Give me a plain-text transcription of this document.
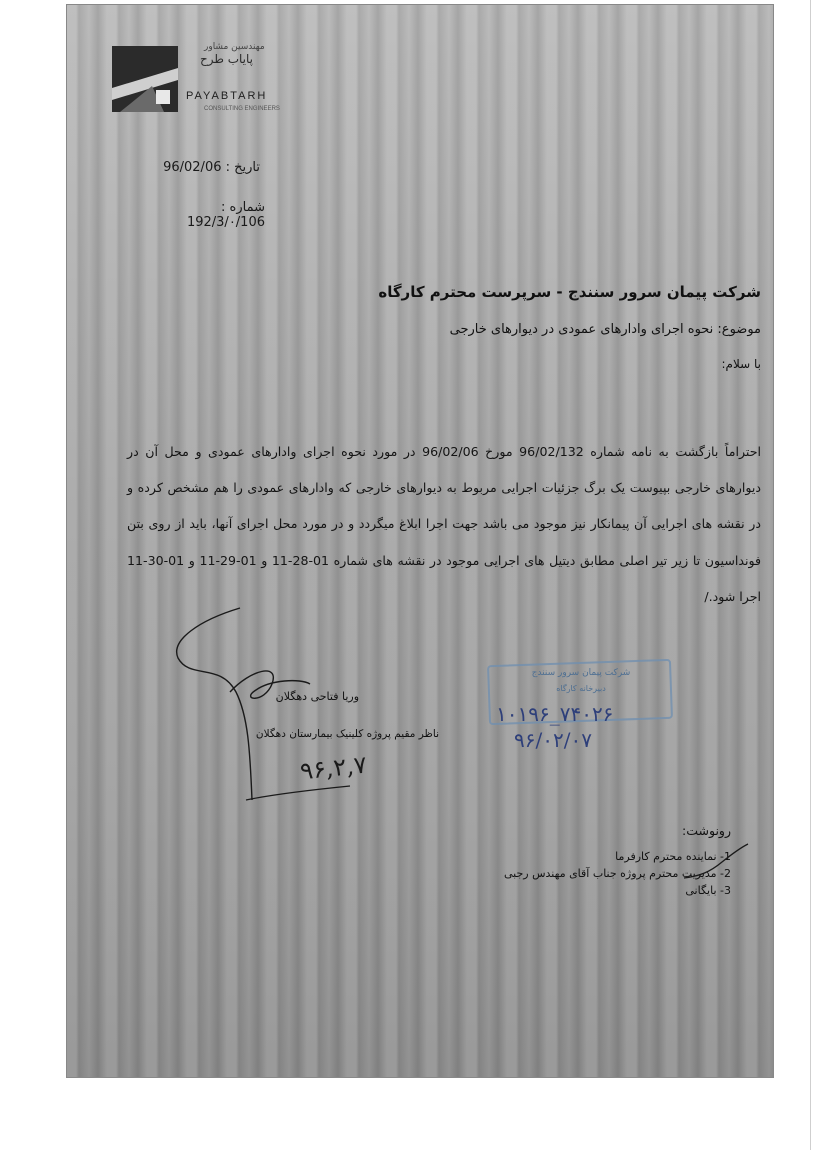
مهندسین مشاور
پایاب طرح
PAYABTARH
CONSULTING ENGINEERS
تاریخ : 96/02/06
شماره : 192/3/۰/106
شرکت پیمان سرور سنندج - سرپرست محترم کارگاه
موضوع: نحوه اجرای وادارهای عمودی در دیوارهای خارجی
با سلام:
احتراماً بازگشت به نامه شماره 96/02/132 مورخ 96/02/06 در مورد نحوه اجرای وادارهای عمودی و محل آن در دیوارهای خارجی بپیوست یک برگ جزئیات اجرایی مربوط به دیوارهای خارجی که وادارهای عمودی را هم مشخص کرده و در نقشه های اجرایی آن پیمانکار نیز موجود می باشد جهت اجرا ابلاغ میگردد و در مورد محل اجرای آنها، باید از روی بتن فونداسیون تا زیر تیر اصلی مطابق دیتیل های اجرایی موجود در نقشه های شماره 01-28-11 و 01-29-11 و 01-30-11 اجرا شود./
وریا فتاحی دهگلان
ناظر مقیم پروژه کلینیک بیمارستان دهگلان
۹۶,۲,۷
شرکت پیمان سرور سنندج
دبیرخانه کارگاه
۱۰۱۹۶_۷۴۰۲۶
۹۶/۰۲/۰۷
رونوشت:
1- نماینده محترم کارفرما
2- مدیریت محترم پروژه جناب آقای مهندس رجبی
3- بایگانی
